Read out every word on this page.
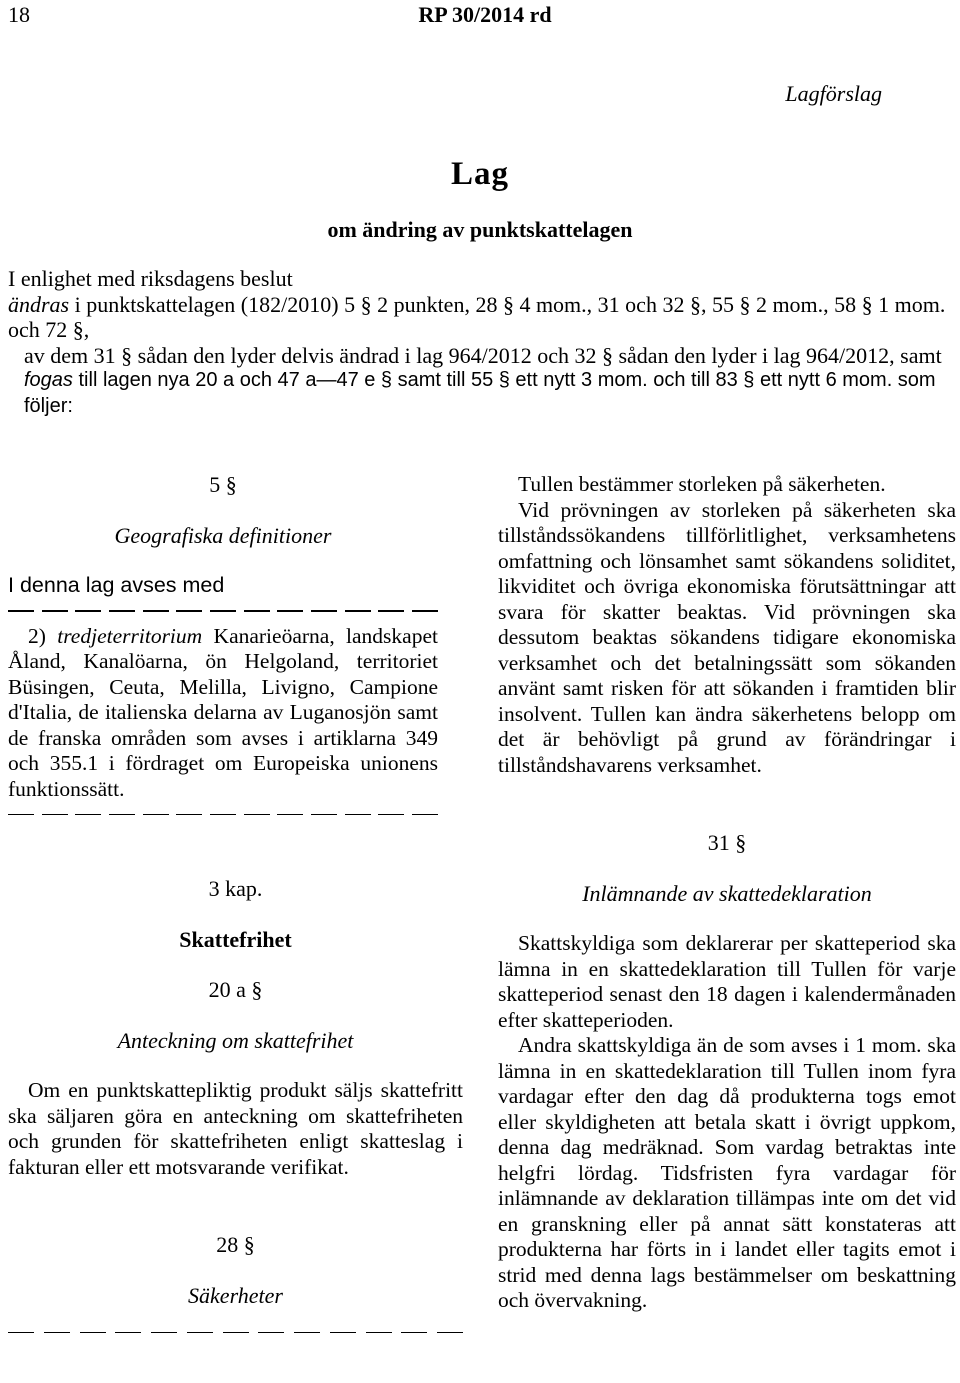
18	RP 30/2014 rd
Lagförslag
Lag
om ändring av punktskattelagen

I enlighet med riksdagens beslut

ändras i punktskattelagen (182/2010) 5 § 2 punkten, 28 § 4 mom., 31 och 32 §, 55 § 2 mom., 58 § 1 mom. och 72 §,

av dem 31 § sådan den lyder delvis ändrad i lag 964/2012 och 32 § sådan den lyder i lag 964/2012, samt

fogas till lagen nya 20 a och 47 a—47 e § samt till 55 § ett nytt 3 mom. och till 83 § ett nytt 6 mom. som följer:

5 §
Geografiska definitioner

I denna lag avses med

2) tredjeterritorium Kanarieöarna, landskapet Åland, Kanalöarna, ön Helgoland, territoriet Büsingen, Ceuta, Melilla, Livigno, Campione d'Italia, de italienska delarna av Luganosjön samt de franska områden som avses i artiklarna 349 och 355.1 i fördraget om Europeiska unionens funktionssätt.

3 kap.
Skattefrihet
20 a §
Anteckning om skattefrihet

Om en punktskattepliktig produkt säljs skattefritt ska säljaren göra en anteckning om skattefriheten och grunden för skattefriheten enligt skatteslag i fakturan eller ett motsvarande verifikat.

28 §
Säkerheter

Tullen bestämmer storleken på säkerheten.

Vid prövningen av storleken på säkerheten ska tillståndssökandens tillförlitlighet, verksamhetens omfattning och lönsamhet samt sökandens soliditet, likviditet och övriga ekonomiska förutsättningar att svara för skatter beaktas. Vid prövningen ska dessutom beaktas sökandens tidigare ekonomiska verksamhet och det betalningssätt som sökanden använt samt risken för att sökanden i framtiden blir insolvent. Tullen kan ändra säkerhetens belopp om det är behövligt på grund av förändringar i tillståndshavarens verksamhet.

31 §
Inlämnande av skattedeklaration

Skattskyldiga som deklarerar per skatteperiod ska lämna in en skattedeklaration till Tullen för varje skatteperiod senast den 18 dagen i kalendermånaden efter skatteperioden.

Andra skattskyldiga än de som avses i 1 mom. ska lämna in en skattedeklaration till Tullen inom fyra vardagar efter den dag då produkterna togs emot eller skyldigheten att betala skatt i övrigt uppkom, denna dag medräknad. Som vardag betraktas inte helgfri lördag. Tidsfristen fyra vardagar för inlämnande av deklaration tillämpas inte om det vid en granskning eller på annat sätt konstateras att produkterna har förts in i landet eller tagits emot i strid med denna lags bestämmelser om beskattning och övervakning.
